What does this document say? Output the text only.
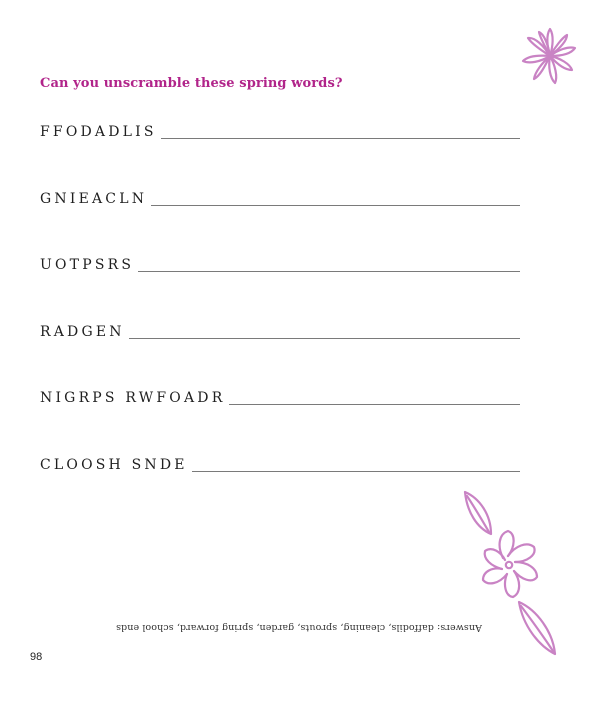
Can you unscramble these spring words?
FFODADLIS
GNIEACLN
UOTPSRS
RADGEN
NIGRPS RWFOADR
CLOOSH SNDE
Answers: daffodils, cleaning, sprouts, garden, spring forward, school ends
98
